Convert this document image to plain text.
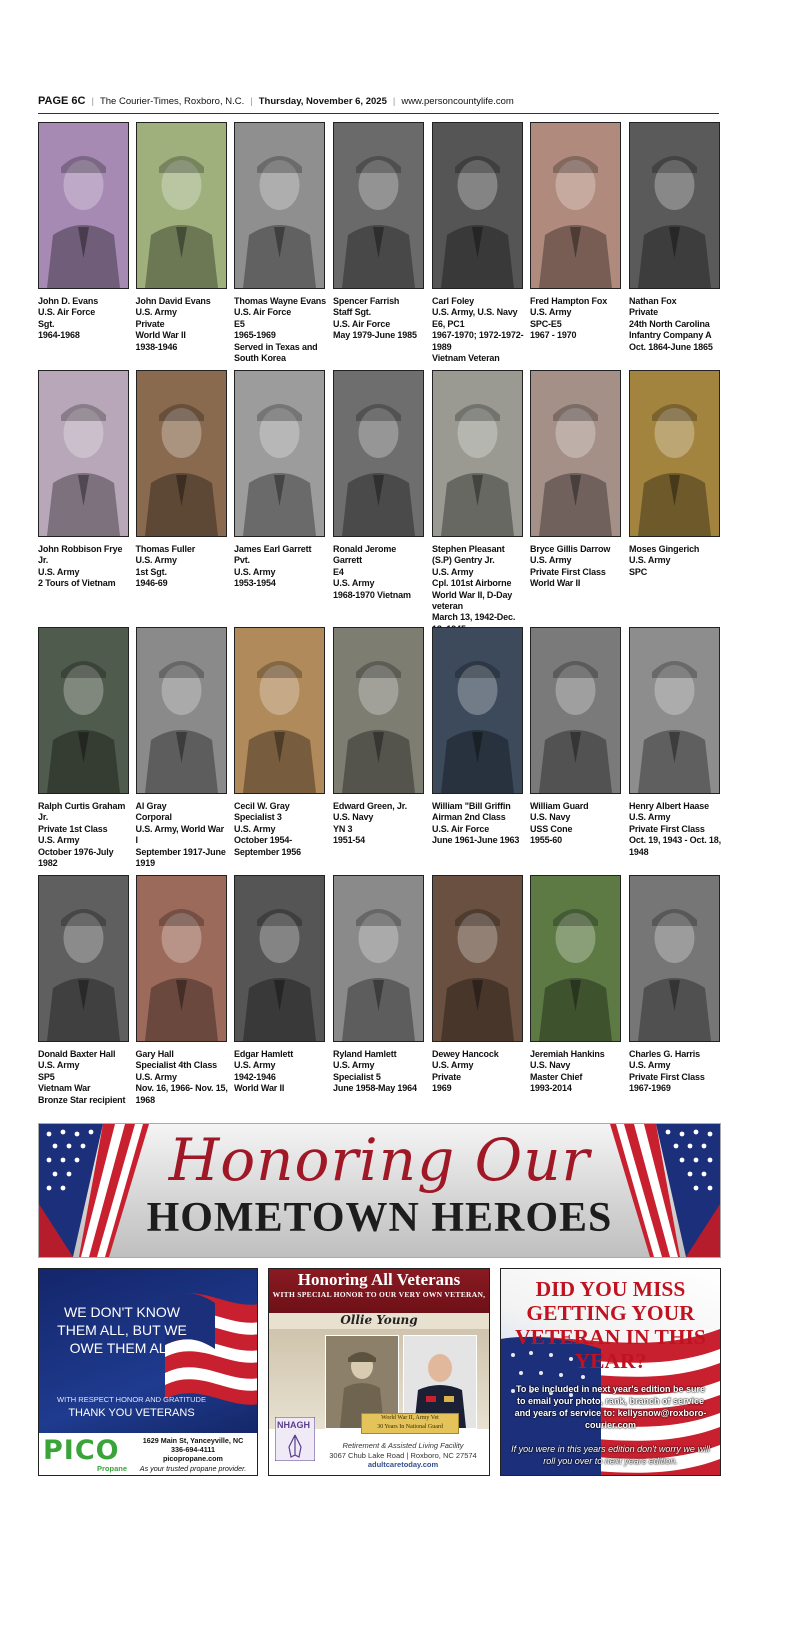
PAGE 6C | The Courier-Times, Roxboro, N.C. | Thursday, November 6, 2025 | www.personcountylife.com
John D. Evans
U.S. Air Force
Sgt.
1964-1968
John David Evans
U.S. Army
Private
World War II
1938-1946
Thomas Wayne Evans
U.S. Air Force
E5
1965-1969
Served in Texas and South Korea
Spencer Farrish
Staff Sgt.
U.S. Air Force
May 1979-June 1985
Carl Foley
U.S. Army, U.S. Navy
E6, PC1
1967-1970; 1972-1972-1989
Vietnam Veteran
Fred Hampton Fox
U.S. Army
SPC-E5
1967 - 1970
Nathan Fox
Private
24th North Carolina Infantry Company A
Oct. 1864-June 1865
John Robbison Frye Jr.
U.S. Army
2 Tours of Vietnam
Thomas Fuller
U.S. Army
1st Sgt.
1946-69
James Earl Garrett
Pvt.
U.S. Army
1953-1954
Ronald Jerome Garrett
E4
U.S. Army
1968-1970 Vietnam
Stephen Pleasant (S.P) Gentry Jr.
U.S. Army
Cpl. 101st Airborne
World War II, D-Day veteran
March 13, 1942-Dec.
Bryce Gillis Darrow
U.S. Army
Private First Class
World War II
Moses Gingerich
U.S. Army
SPC
Ralph Curtis Graham Jr.
Private 1st Class
U.S. Army
October 1976-July 1982
Al Gray
Corporal
U.S. Army, World War I
September 1917-June 1919
Cecil W. Gray
Specialist 3
U.S. Army
October 1954-September 1956
Edward Green, Jr.
U.S. Navy
YN 3
1951-54
William "Bill Griffin
Airman 2nd Class
U.S. Air Force
June 1961-June 1963
William Guard
U.S. Navy
USS Cone
1955-60
Henry Albert Haase
U.S. Army
Private First Class
Oct. 19, 1943 - Oct. 18, 1948
Donald Baxter Hall
U.S. Army
SP5
Vietnam War
Bronze Star recipient
Gary Hall
Specialist 4th Class
U.S. Army
Nov. 16, 1966- Nov. 15, 1968
Edgar Hamlett
U.S. Army
1942-1946
World War II
Ryland Hamlett
U.S. Army
Specialist 5
June 1958-May 1964
Dewey Hancock
U.S. Army
Private
1969
Jeremiah Hankins
U.S. Navy
Master Chief
1993-2014
Charles G. Harris
U.S. Army
Private First Class
1967-1969
Honoring Our
HOMETOWN HEROES
WE DON'T KNOW THEM ALL, BUT WE OWE THEM ALL
WITH RESPECT HONOR AND GRATITUDE
THANK YOU VETERANS
PICO
Propane
1629 Main St, Yanceyville, NC
336-694-4111
picopropane.com
As your trusted propane provider.
Honoring All Veterans
WITH SPECIAL HONOR TO OUR VERY OWN VETERAN,
Ollie Young
World War II, Army Vet
30 Years In National Guard
NHAGH
Retirement & Assisted Living Facility
3067 Chub Lake Road | Roxboro, NC 27574
adultcaretoday.com
DID YOU MISS GETTING YOUR VETERAN IN THIS YEAR?
To be included in next year's edition be sure to email your photo, rank, branch of service and years of service to: kellysnow@roxboro-courier.com
If you were in this years edition don't worry we will roll you over to next years edition.
